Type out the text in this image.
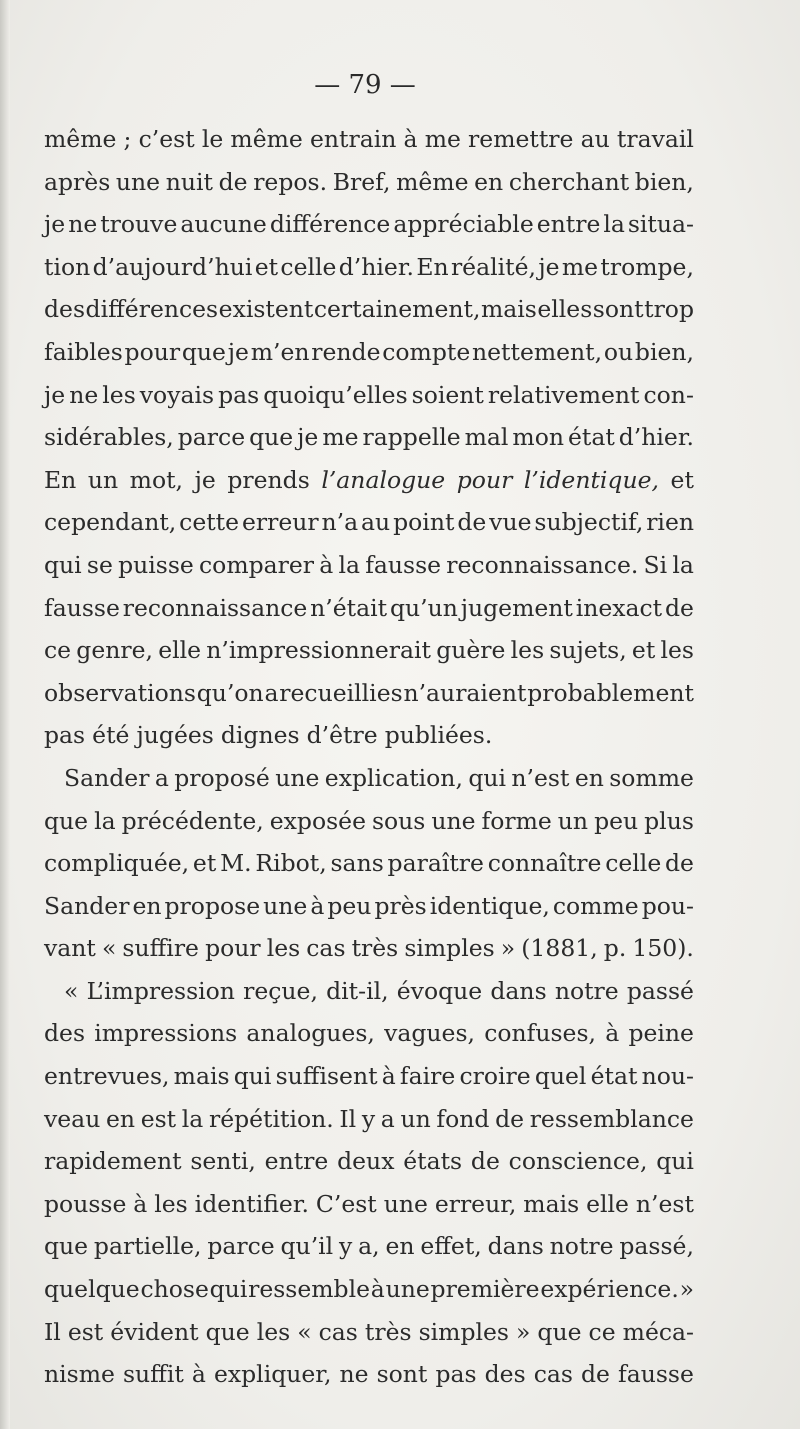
— 79 —
même ; c’est le même entrain à me remettre au travail
après une nuit de repos. Bref, même en cherchant bien,
je ne trouve aucune différence appréciable entre la situa-
tion d’aujourd’hui et celle d’hier. En réalité, je me trompe,
des différences existent certainement, mais elles sont trop
faibles pour que je m’en rende compte nettement, ou bien,
je ne les voyais pas quoiqu’elles soient relativement con-
sidérables, parce que je me rappelle mal mon état d’hier.
En un mot, je prends l’analogue pour l’identique, et
cependant, cette erreur n’a au point de vue subjectif, rien
qui se puisse comparer à la fausse reconnaissance. Si la
fausse reconnaissance n’était qu’un jugement inexact de
ce genre, elle n’impressionnerait guère les sujets, et les
observations qu’on a recueillies n’auraient probablement
pas été jugées dignes d’être publiées.
Sander a proposé une explication, qui n’est en somme
que la précédente, exposée sous une forme un peu plus
compliquée, et M. Ribot, sans paraître connaître celle de
Sander en propose une à peu près identique, comme pou-
vant « suffire pour les cas très simples » (1881, p. 150).
« L’impression reçue, dit-il, évoque dans notre passé
des impressions analogues, vagues, confuses, à peine
entrevues, mais qui suffisent à faire croire quel état nou-
veau en est la répétition. Il y a un fond de ressemblance
rapidement senti, entre deux états de conscience, qui
pousse à les identifier. C’est une erreur, mais elle n’est
que partielle, parce qu’il y a, en effet, dans notre passé,
quelque chose qui ressemble à une première expérience. »
Il est évident que les « cas très simples » que ce méca-
nisme suffit à expliquer, ne sont pas des cas de fausse
